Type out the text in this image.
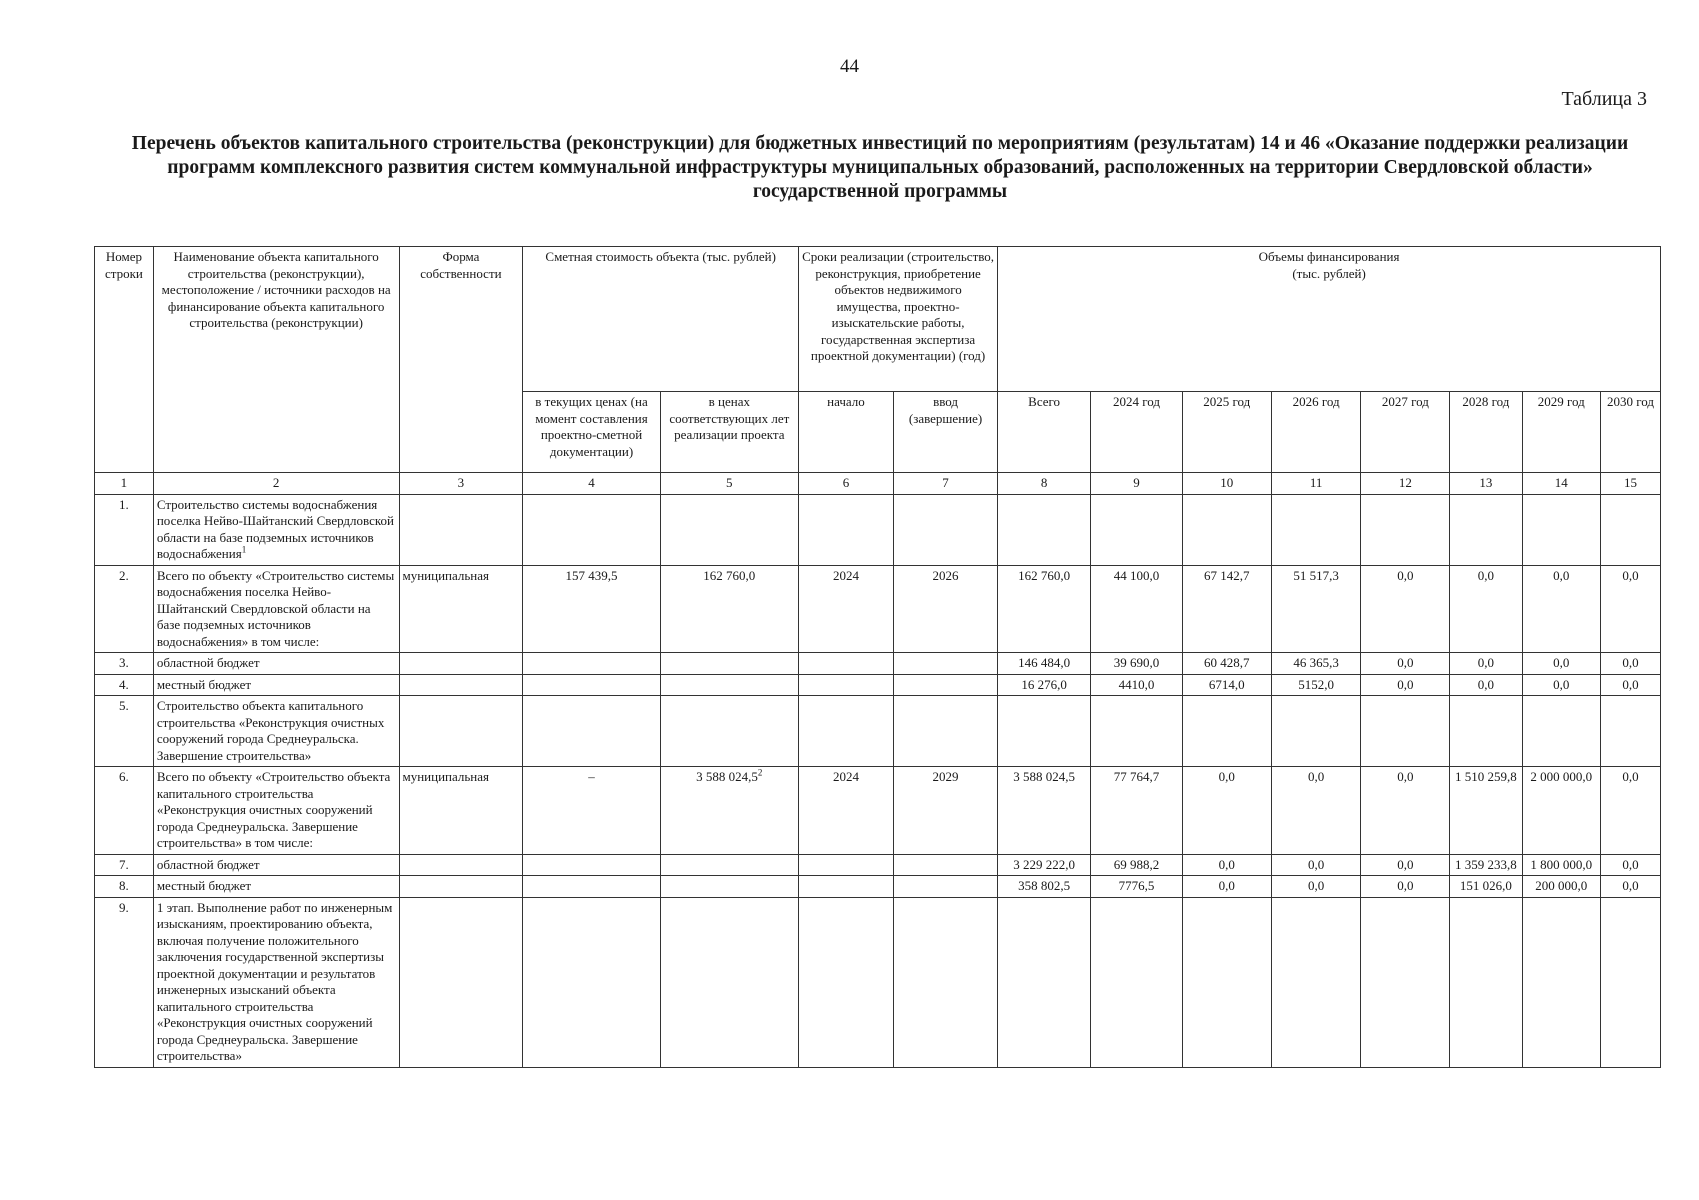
44
Таблица 3
Перечень объектов капитального строительства (реконструкции) для бюджетных инвестиций по мероприятиям (результатам) 14 и 46 «Оказание поддержки реализации
программ комплексного развития систем коммунальной инфраструктуры муниципальных образований, расположенных на территории Свердловской области»
государственной программы
Номер строки	Наименование объекта капитального строительства (реконструкции), местоположение / источники расходов на финансирование объекта капитального строительства (реконструкции)	Форма собственности	Сметная стоимость объекта (тыс. рублей)		Сроки реализации (строительство, реконструкция, приобретение объектов недвижимого имущества, проектно-изыскательские работы, государственная экспертиза проектной документации) (год)		Объемы финансирования
(тыс. рублей)							

			в текущих ценах (на момент составления проектно-сметной документации)	в ценах соответствующих лет реализации проекта	начало	ввод (завершение)	Всего	2024 год	2025 год	2026 год	2027 год	2028 год	2029 год	2030 год
1	2	3	4	5	6	7	8	9	10	11	12	13	14	15
1.	Строительство системы водоснабжения поселка Нейво-Шайтанский Свердловской области на базе подземных источников водоснабжения$^1$													
2.	Всего по объекту «Строительство системы водоснабжения поселка Нейво-Шайтанский Свердловской области на базе подземных источников водоснабжения» в том числе:	муниципальная	157 439,5	162 760,0	2024	2026	162 760,0	44 100,0	67 142,7	51 517,3	0,0	0,0	0,0	0,0
3.	областной бюджет						146 484,0	39 690,0	60 428,7	46 365,3	0,0	0,0	0,0	0,0
4.	местный бюджет						16 276,0	4410,0	6714,0	5152,0	0,0	0,0	0,0	0,0
5.	Строительство объекта капитального строительства «Реконструкция очистных сооружений города Среднеуральска. Завершение строительства»													
6.	Всего по объекту «Строительство объекта капитального строительства «Реконструкция очистных сооружений города Среднеуральска. Завершение строительства» в том числе:	муниципальная	–	3 588 024,5$^2$	2024	2029	3 588 024,5	77 764,7	0,0	0,0	0,0	1 510 259,8	2 000 000,0	0,0
7.	областной бюджет						3 229 222,0	69 988,2	0,0	0,0	0,0	1 359 233,8	1 800 000,0	0,0
8.	местный бюджет						358 802,5	7776,5	0,0	0,0	0,0	151 026,0	200 000,0	0,0
9.	1 этап. Выполнение работ по инженерным изысканиям, проектированию объекта, включая получение положительного заключения государственной экспертизы проектной документации и результатов инженерных изысканий объекта капитального строительства «Реконструкция очистных сооружений города Среднеуральска. Завершение строительства»													
